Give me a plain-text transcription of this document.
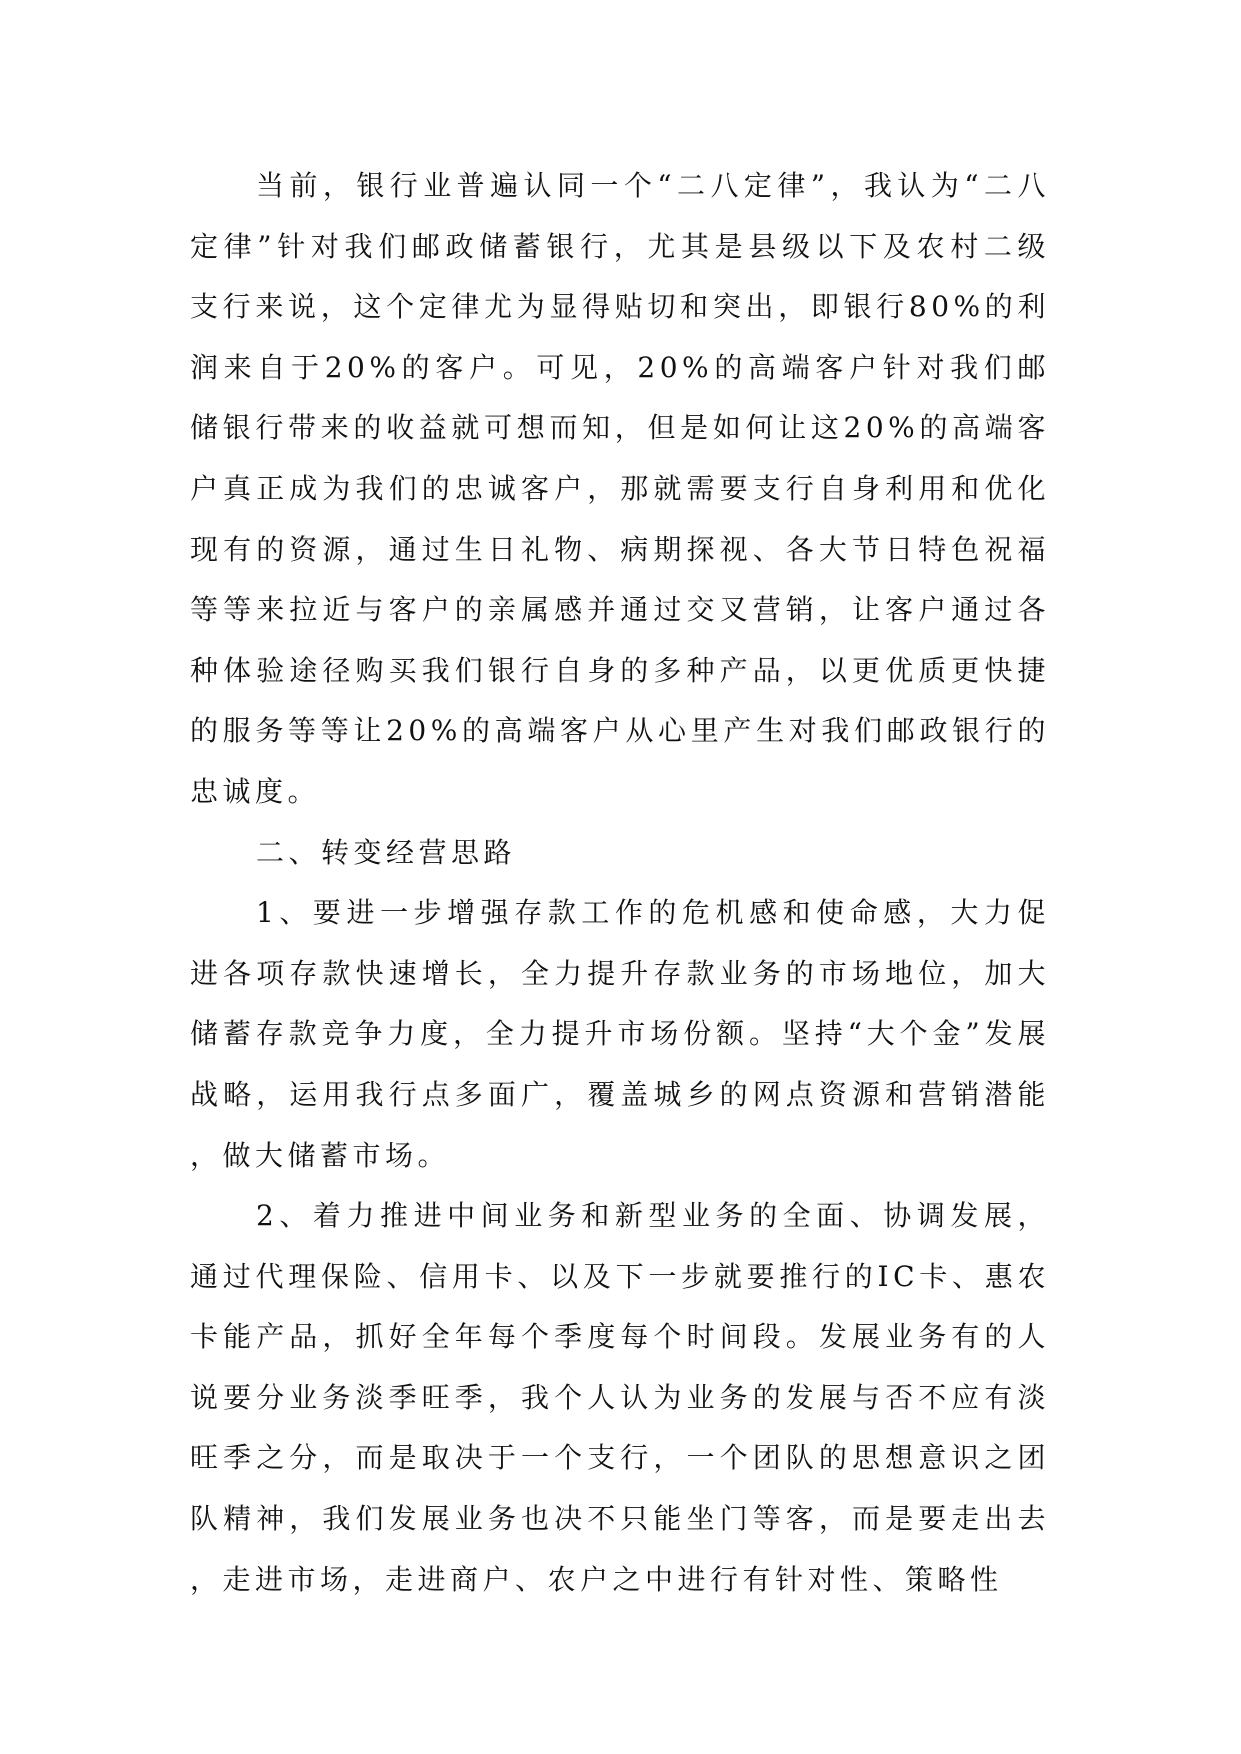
当前，银行业普遍认同一个“二八定律”，我认为“二八定律”针对我们邮政储蓄银行，尤其是县级以下及农村二级支行来说，这个定律尤为显得贴切和突出，即银行80%的利润来自于20%的客户。可见，20%的高端客户针对我们邮储银行带来的收益就可想而知，但是如何让这20%的高端客户真正成为我们的忠诚客户，那就需要支行自身利用和优化现有的资源，通过生日礼物、病期探视、各大节日特色祝福等等来拉近与客户的亲属感并通过交叉营销，让客户通过各种体验途径购买我们银行自身的多种产品，以更优质更快捷的服务等等让20%的高端客户从心里产生对我们邮政银行的忠诚度。

二、转变经营思路

1、要进一步增强存款工作的危机感和使命感，大力促进各项存款快速增长，全力提升存款业务的市场地位，加大储蓄存款竞争力度，全力提升市场份额。坚持“大个金”发展战略，运用我行点多面广，覆盖城乡的网点资源和营销潜能，做大储蓄市场。

2、着力推进中间业务和新型业务的全面、协调发展，通过代理保险、信用卡、以及下一步就要推行的IC卡、惠农卡能产品，抓好全年每个季度每个时间段。发展业务有的人说要分业务淡季旺季，我个人认为业务的发展与否不应有淡旺季之分，而是取决于一个支行，一个团队的思想意识之团队精神，我们发展业务也决不只能坐门等客，而是要走出去，走进市场，走进商户、农户之中进行有针对性、策略性
